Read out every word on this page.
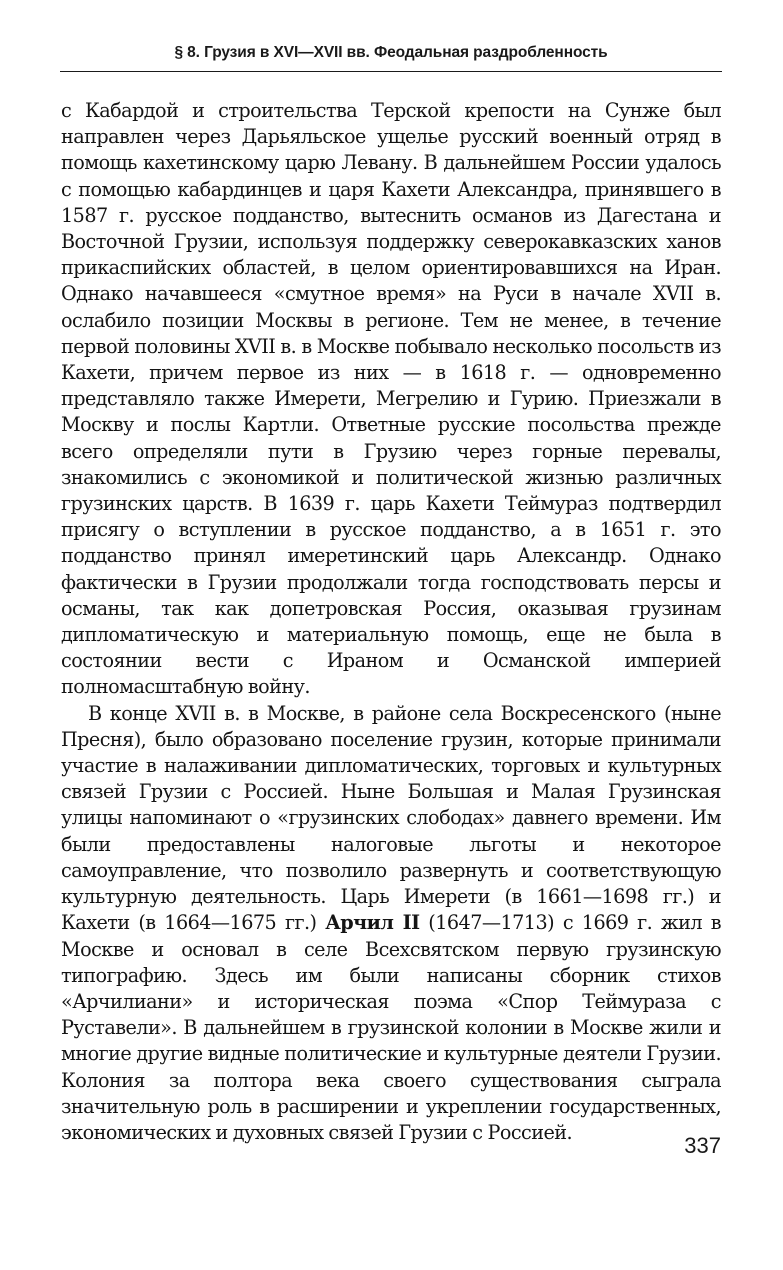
§ 8. Грузия в XVI—XVII вв. Феодальная раздробленность

с Кабардой и строительства Терской крепости на Сунже был направлен через Дарьяльское ущелье русский военный отряд в помощь кахетинскому царю Левану. В дальнейшем России удалось с помощью кабардинцев и царя Кахети Александра, принявшего в 1587 г. русское подданство, вытеснить османов из Дагестана и Восточной Грузии, используя поддержку северокавказских ханов прикаспийских областей, в целом ориентировавшихся на Иран. Однако начавшееся «смутное время» на Руси в начале XVII в. ослабило позиции Москвы в регионе. Тем не менее, в течение первой половины XVII в. в Москве побывало несколько посольств из Кахети, причем первое из них — в 1618 г. — одновременно представляло также Имерети, Мегрелию и Гурию. Приезжали в Москву и послы Картли. Ответные русские посольства прежде всего определяли пути в Грузию через горные перевалы, знакомились с экономикой и политической жизнью различных грузинских царств. В 1639 г. царь Кахети Теймураз подтвердил присягу о вступлении в русское подданство, а в 1651 г. это подданство принял имеретинский царь Александр. Однако фактически в Грузии продолжали тогда господствовать персы и османы, так как допетровская Россия, оказывая грузинам дипломатическую и материальную помощь, еще не была в состоянии вести с Ираном и Османской империей полномасштабную войну.

В конце XVII в. в Москве, в районе села Воскресенского (ныне Пресня), было образовано поселение грузин, которые принимали участие в налаживании дипломатических, торговых и культурных связей Грузии с Россией. Ныне Большая и Малая Грузинская улицы напоминают о «грузинских слободах» давнего времени. Им были предоставлены налоговые льготы и некоторое самоуправление, что позволило развернуть и соответствующую культурную деятельность. Царь Имерети (в 1661—1698 гг.) и Кахети (в 1664—1675 гг.) Арчил II (1647—1713) с 1669 г. жил в Москве и основал в селе Всехсвятском первую грузинскую типографию. Здесь им были написаны сборник стихов «Арчилиани» и историческая поэма «Спор Теймураза с Руставели». В дальнейшем в грузинской колонии в Москве жили и многие другие видные политические и культурные деятели Грузии. Колония за полтора века своего существования сыграла значительную роль в расширении и укреплении государственных, экономических и духовных связей Грузии с Россией.

337
